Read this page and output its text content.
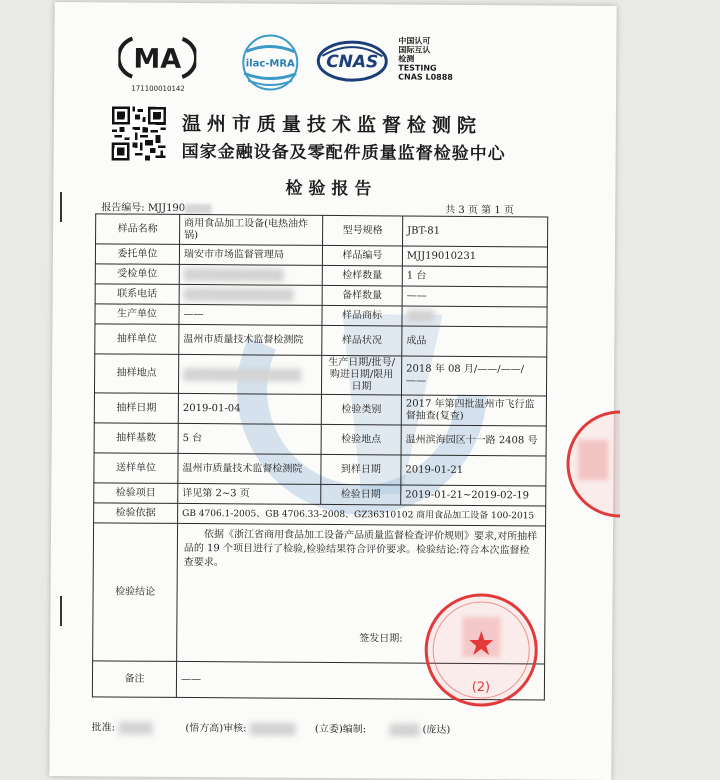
MA
171100010142
ilac-MRA CNAS
中国认可
国际互认
检测
TESTING
CNAS L0888
温州市质量技术监督检测院
国家金融设备及零配件质量监督检验中心
检验报告
报告编号: MJJ190	共 3 页 第 1 页
样品名称	商用食品加工设备(电热油炸锅)	型号规格	JBT-81
委托单位	瑞安市市场监督管理局	样品编号	MJJ19010231
受检单位		检样数量	1 台
联系电话		备样数量	——
生产单位	——	样品商标	
抽样单位	温州市质量技术监督检测院	样品状况	成品
抽样地点		生产日期/批号/购进日期/限用日期	2018 年 08 月/——/——/——
抽样日期	2019-01-04	检验类别	2017 年第四批温州市飞行监督抽查(复查)
抽样基数	5 台	检验地点	温州滨海园区十一路 2408 号
送样单位	温州市质量技术监督检测院	到样日期	2019-01-21
检验项目	详见第 2~3 页	检验日期	2019-01-21~2019-02-19
检验依据	GB 4706.1-2005、GB 4706.33-2008、GZ36310102 商用食品加工设备 100-2015		
检验结论	依据《浙江省商用食品加工设备产品质量监督检查评价规则》要求,对所抽样品的 19 个项目进行了检验,检验结果符合评价要求。检验结论:符合本次监督检查要求。
签发日期:		

备注	——		
(2)
批准:	(悟方高)审核:	(立委)编制:	(庞达)
